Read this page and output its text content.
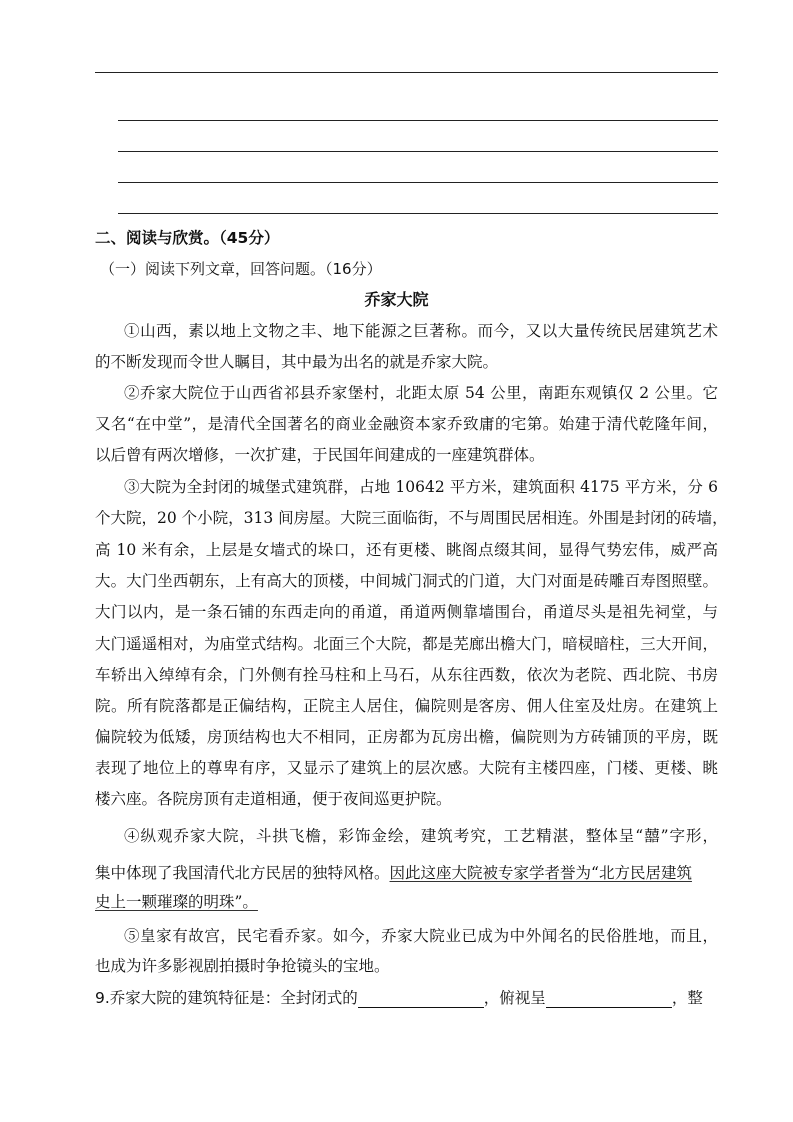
二、阅读与欣赏。（45分）
（一）阅读下列文章，回答问题。（16分）
乔家大院
①山西，素以地上文物之丰、地下能源之巨著称。而今，又以大量传统民居建筑艺术
的不断发现而令世人瞩目，其中最为出名的就是乔家大院。
②乔家大院位于山西省祁县乔家堡村，北距太原 54 公里，南距东观镇仅 2 公里。它
又名“在中堂”，是清代全国著名的商业金融资本家乔致庸的宅第。始建于清代乾隆年间，
以后曾有两次增修，一次扩建，于民国年间建成的一座建筑群体。
③大院为全封闭的城堡式建筑群，占地 10642 平方米，建筑面积 4175 平方米，分 6
个大院，20 个小院，313 间房屋。大院三面临街，不与周围民居相连。外围是封闭的砖墙，
高 10 米有余，上层是女墙式的垛口，还有更楼、眺阁点缀其间，显得气势宏伟，威严高
大。大门坐西朝东，上有高大的顶楼，中间城门洞式的门道，大门对面是砖雕百寿图照壁。
大门以内，是一条石铺的东西走向的甬道，甬道两侧靠墙围台，甬道尽头是祖先祠堂，与
大门遥遥相对，为庙堂式结构。北面三个大院，都是芜廊出檐大门，暗棂暗柱，三大开间，
车轿出入绰绰有余，门外侧有拴马柱和上马石，从东往西数，依次为老院、西北院、书房
院。所有院落都是正偏结构，正院主人居住，偏院则是客房、佣人住室及灶房。在建筑上
偏院较为低矮，房顶结构也大不相同，正房都为瓦房出檐，偏院则为方砖铺顶的平房，既
表现了地位上的尊卑有序，又显示了建筑上的层次感。大院有主楼四座，门楼、更楼、眺
楼六座。各院房顶有走道相通，便于夜间巡更护院。
④纵观乔家大院，斗拱飞檐，彩饰金绘，建筑考究，工艺精湛，整体呈“囍”字形，
集中体现了我国清代北方民居的独特风格。因此这座大院被专家学者誉为“北方民居建筑
史上一颗璀璨的明珠”。
⑤皇家有故宫，民宅看乔家。如今，乔家大院业已成为中外闻名的民俗胜地，而且，
也成为许多影视剧拍摄时争抢镜头的宝地。
9.乔家大院的建筑特征是：全封闭式的	，俯视呈	，整
